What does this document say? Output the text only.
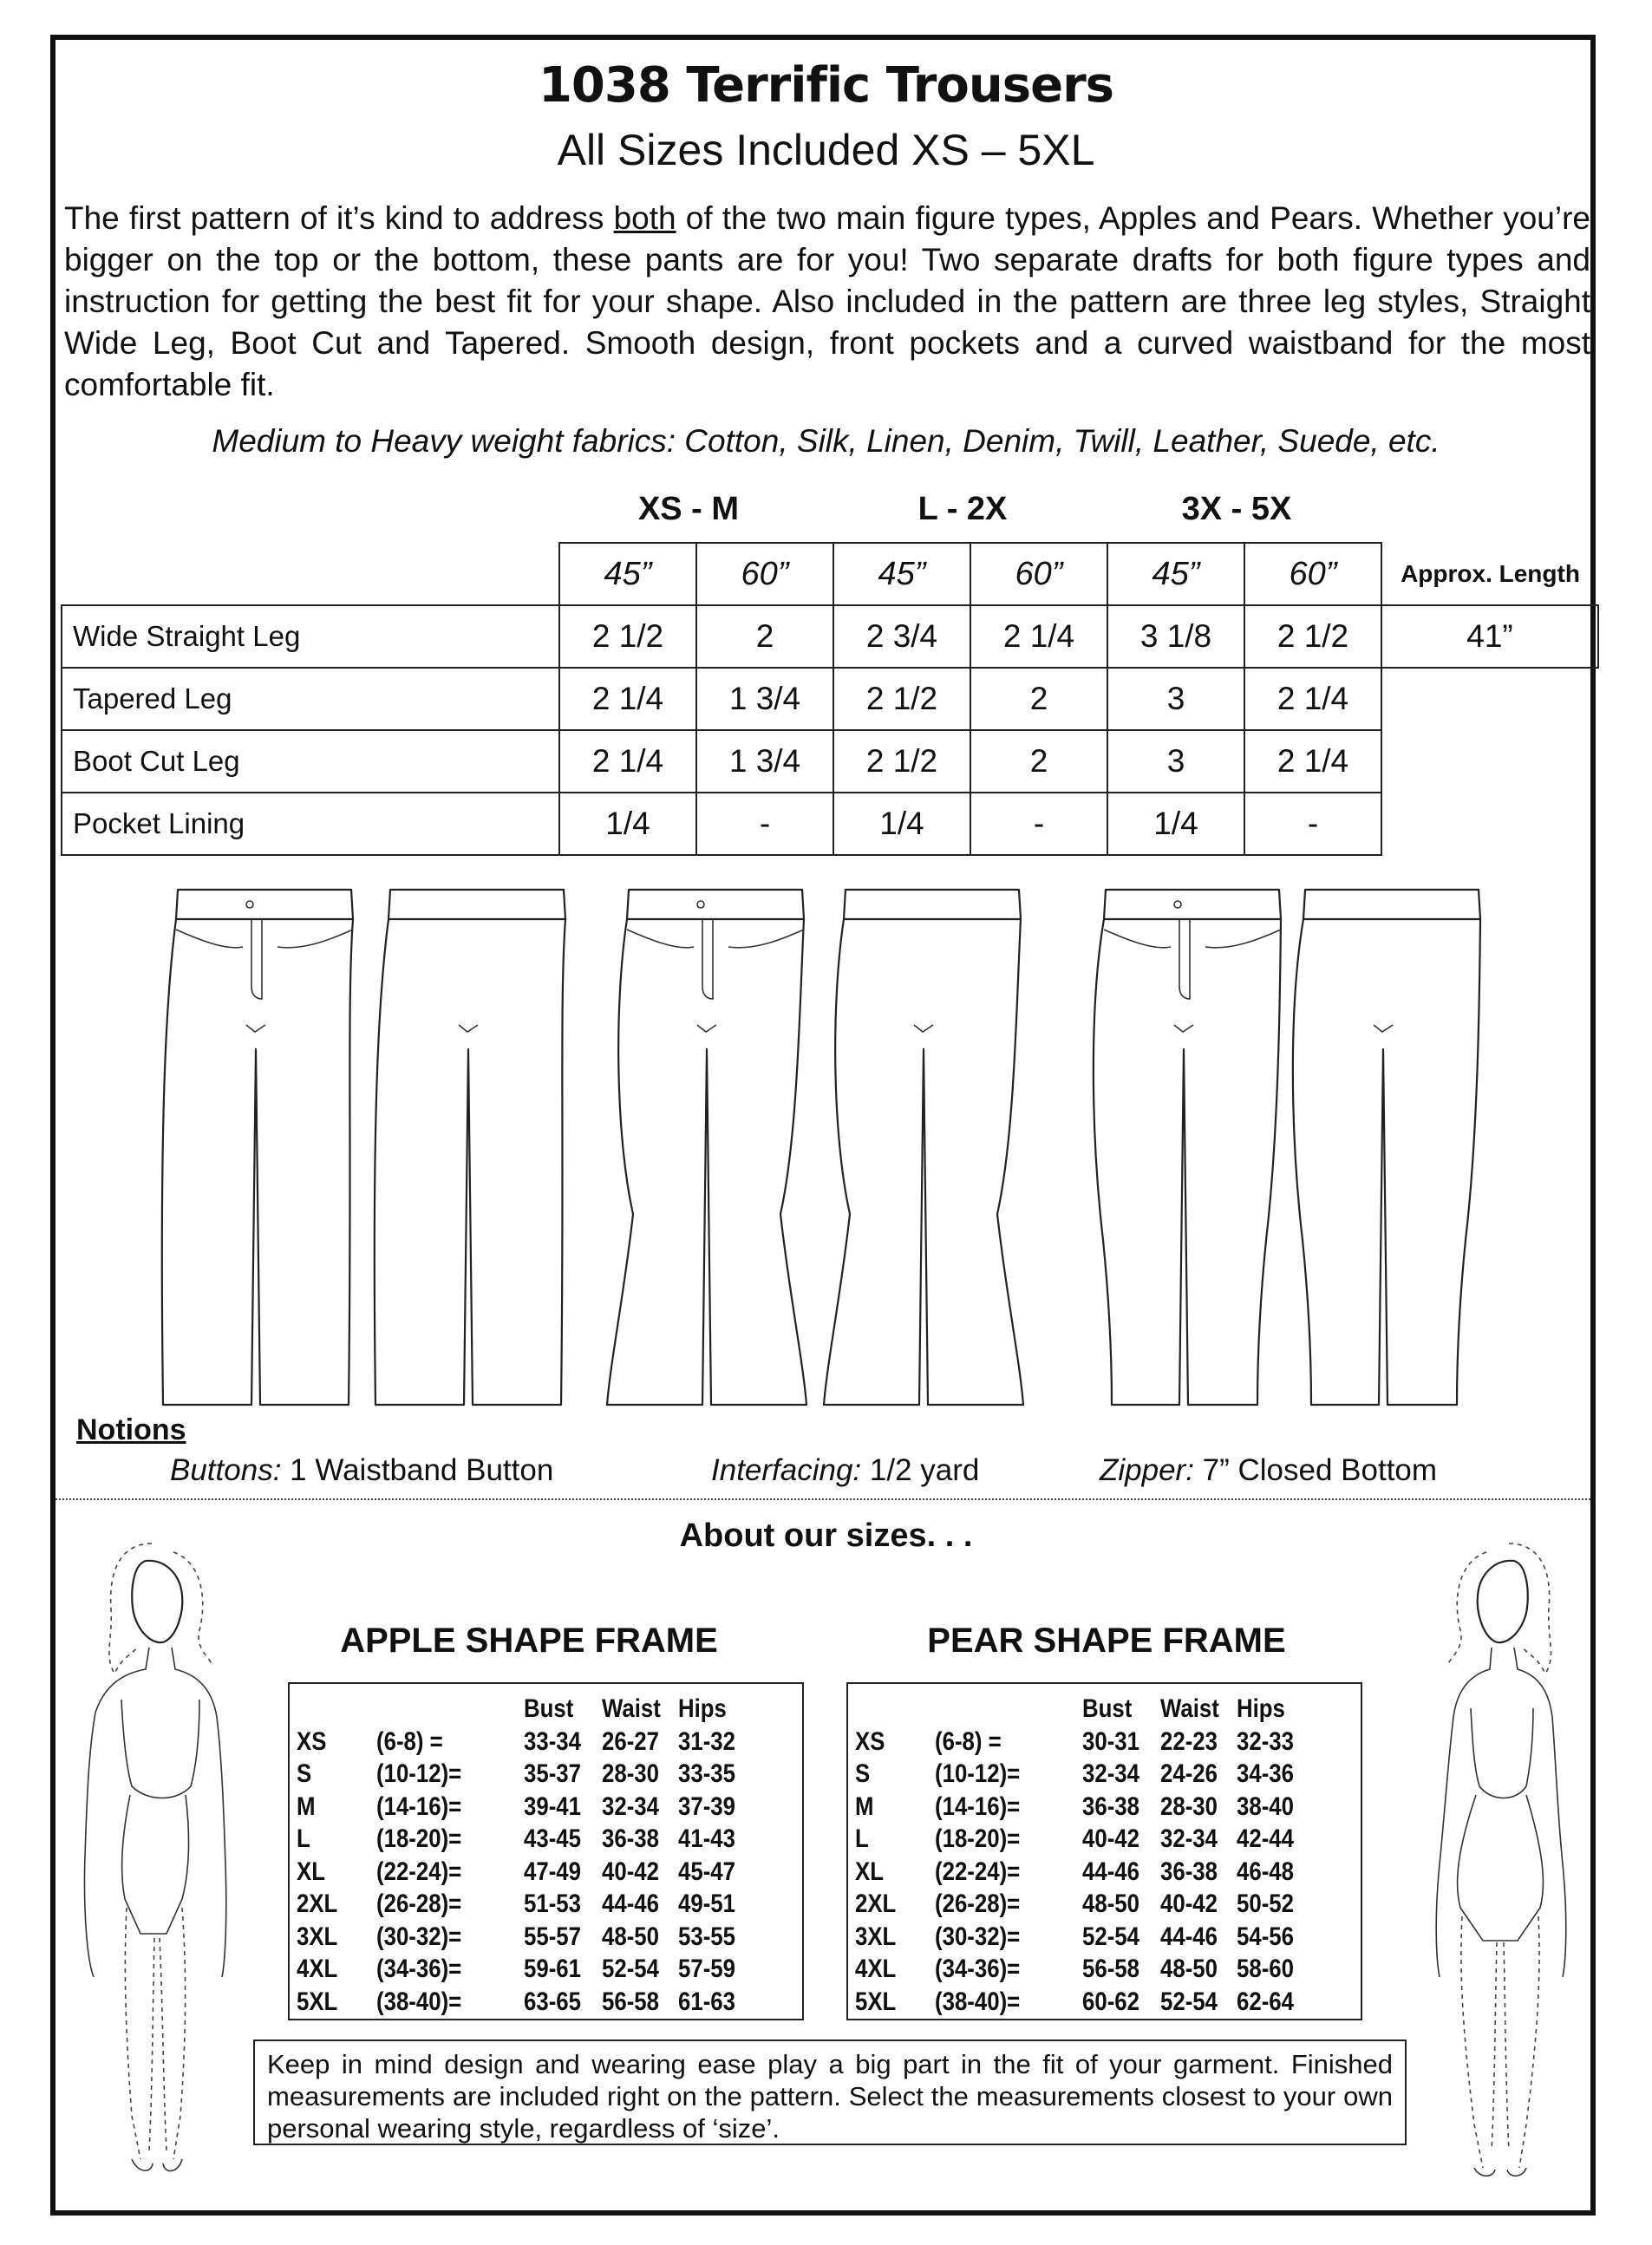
1038 Terrific Trousers
All Sizes Included XS – 5XL

The first pattern of it’s kind to address both of the two main figure types, Apples and Pears. Whether you’re bigger on the top or the bottom, these pants are for you! Two separate drafts for both figure types and instruction for getting the best fit for your shape. Also included in the pattern are three leg styles, Straight Wide Leg, Boot Cut and Tapered. Smooth design, front pockets and a curved waistband for the most comfortable fit.

Medium to Heavy weight fabrics: Cotton, Silk, Linen, Denim, Twill, Leather, Suede, etc.
XS - M	L - 2X	3X - 5X
	45”	60”	45”	60”	45”	60”	Approx. Length
Wide Straight Leg	2 1/2	2	2 3/4	2 1/4	3 1/8	2 1/2	41”
Tapered Leg	2 1/4	1 3/4	2 1/2	2	3	2 1/4	
Boot Cut Leg	2 1/4	1 3/4	2 1/2	2	3	2 1/4	
Pocket Lining	1/4	-	1/4	-	1/4	-	
Notions
Buttons: 1 Waistband Button	Interfacing: 1/2 yard	Zipper: 7” Closed Bottom
About our sizes. . .
APPLE SHAPE FRAME	PEAR SHAPE FRAME
		Bust	Waist	Hips
XS	(6-8) =	33-34	26-27	31-32
S	(10-12)=	35-37	28-30	33-35
M	(14-16)=	39-41	32-34	37-39
L	(18-20)=	43-45	36-38	41-43
XL	(22-24)=	47-49	40-42	45-47
2XL	(26-28)=	51-53	44-46	49-51
3XL	(30-32)=	55-57	48-50	53-55
4XL	(34-36)=	59-61	52-54	57-59
5XL	(38-40)=	63-65	56-58	61-63
		Bust	Waist	Hips
XS	(6-8) =	30-31	22-23	32-33
S	(10-12)=	32-34	24-26	34-36
M	(14-16)=	36-38	28-30	38-40
L	(18-20)=	40-42	32-34	42-44
XL	(22-24)=	44-46	36-38	46-48
2XL	(26-28)=	48-50	40-42	50-52
3XL	(30-32)=	52-54	44-46	54-56
4XL	(34-36)=	56-58	48-50	58-60
5XL	(38-40)=	60-62	52-54	62-64
Keep in mind design and wearing ease play a big part in the fit of your garment. Finished measurements are included right on the pattern. Select the measurements closest to your own personal wearing style, regardless of ‘size’.
